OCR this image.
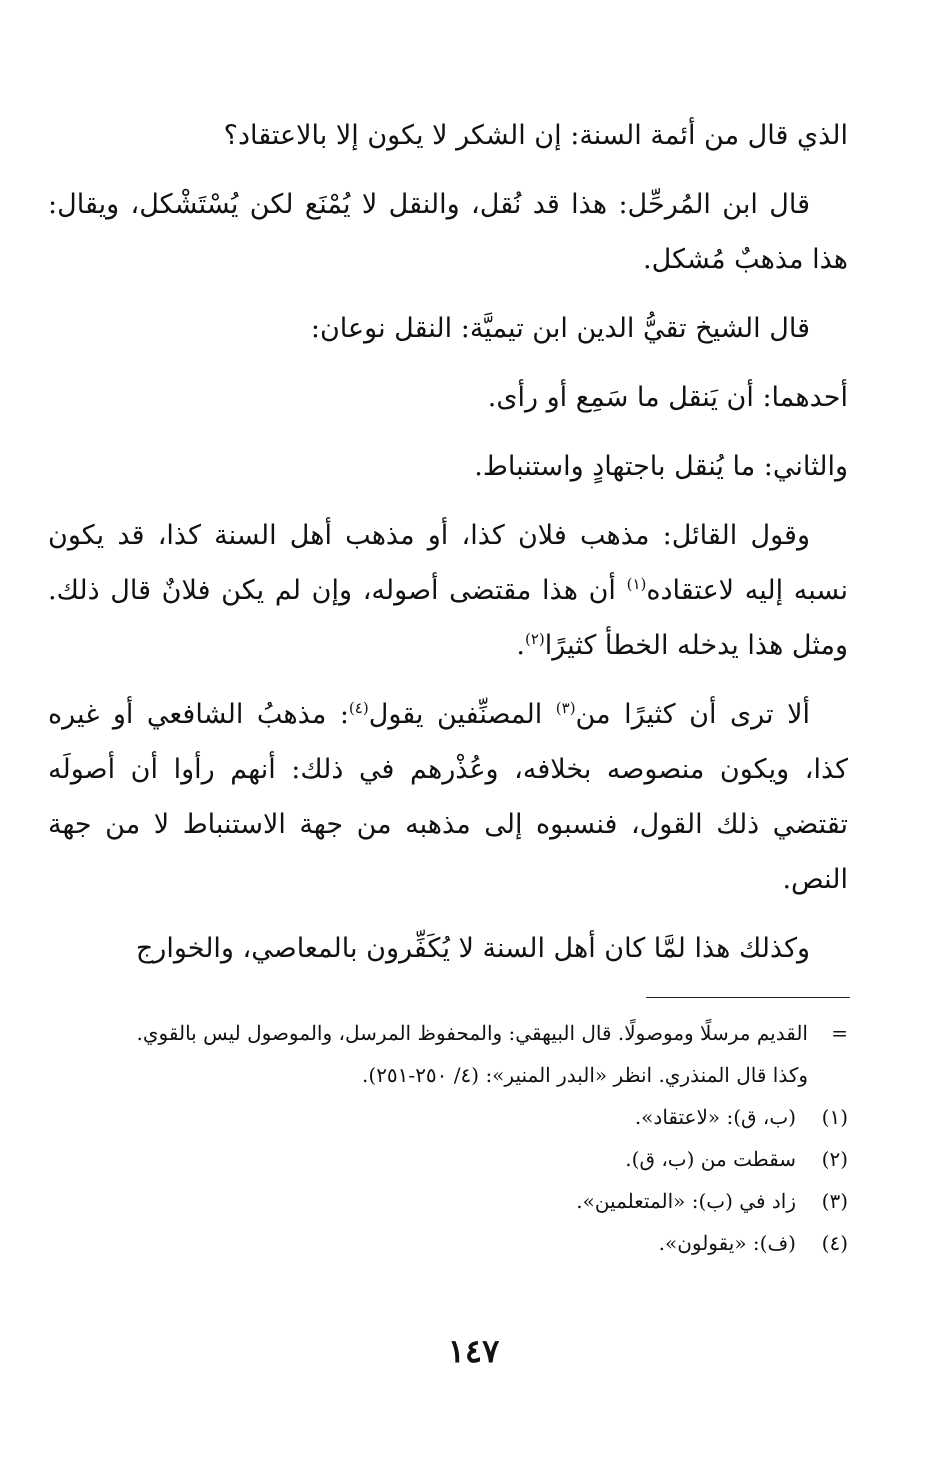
الذي قال من أئمة السنة: إن الشكر لا يكون إلا بالاعتقاد؟

قال ابن المُرحِّل: هذا قد نُقل، والنقل لا يُمْنَع لكن يُسْتَشْكل، ويقال: هذا مذهبٌ مُشكل.

قال الشيخ تقيُّ الدين ابن تيميَّة: النقل نوعان:

أحدهما: أن يَنقل ما سَمِع أو رأى.

والثاني: ما يُنقل باجتهادٍ واستنباط.

وقول القائل: مذهب فلان كذا، أو مذهب أهل السنة كذا، قد يكون نسبه إليه لاعتقاده$^{(١)}$ أن هذا مقتضى أصوله، وإن لم يكن فلانٌ قال ذلك. ومثل هذا يدخله الخطأ كثيرًا$^{(٢)}$.

ألا ترى أن كثيرًا من$^{(٣)}$ المصنِّفين يقول$^{(٤)}$: مذهبُ الشافعي أو غيره كذا، ويكون منصوصه بخلافه، وعُذْرهم في ذلك: أنهم رأوا أن أصولَه تقتضي ذلك القول، فنسبوه إلى مذهبه من جهة الاستنباط لا من جهة النص.

وكذلك هذا لمَّا كان أهل السنة لا يُكَفِّرون بالمعاصي، والخوارج

=
القديم مرسلًا وموصولًا. قال البيهقي: والمحفوظ المرسل، والموصول ليس بالقوي.
وكذا قال المنذري. انظر «البدر المنير»: (٤/ ٢٥٠-٢٥١).
(١)
(ب، ق): «لاعتقاد».
(٢)
سقطت من (ب، ق).
(٣)
زاد في (ب): «المتعلمين».
(٤)
(ف): «يقولون».
١٤٧
